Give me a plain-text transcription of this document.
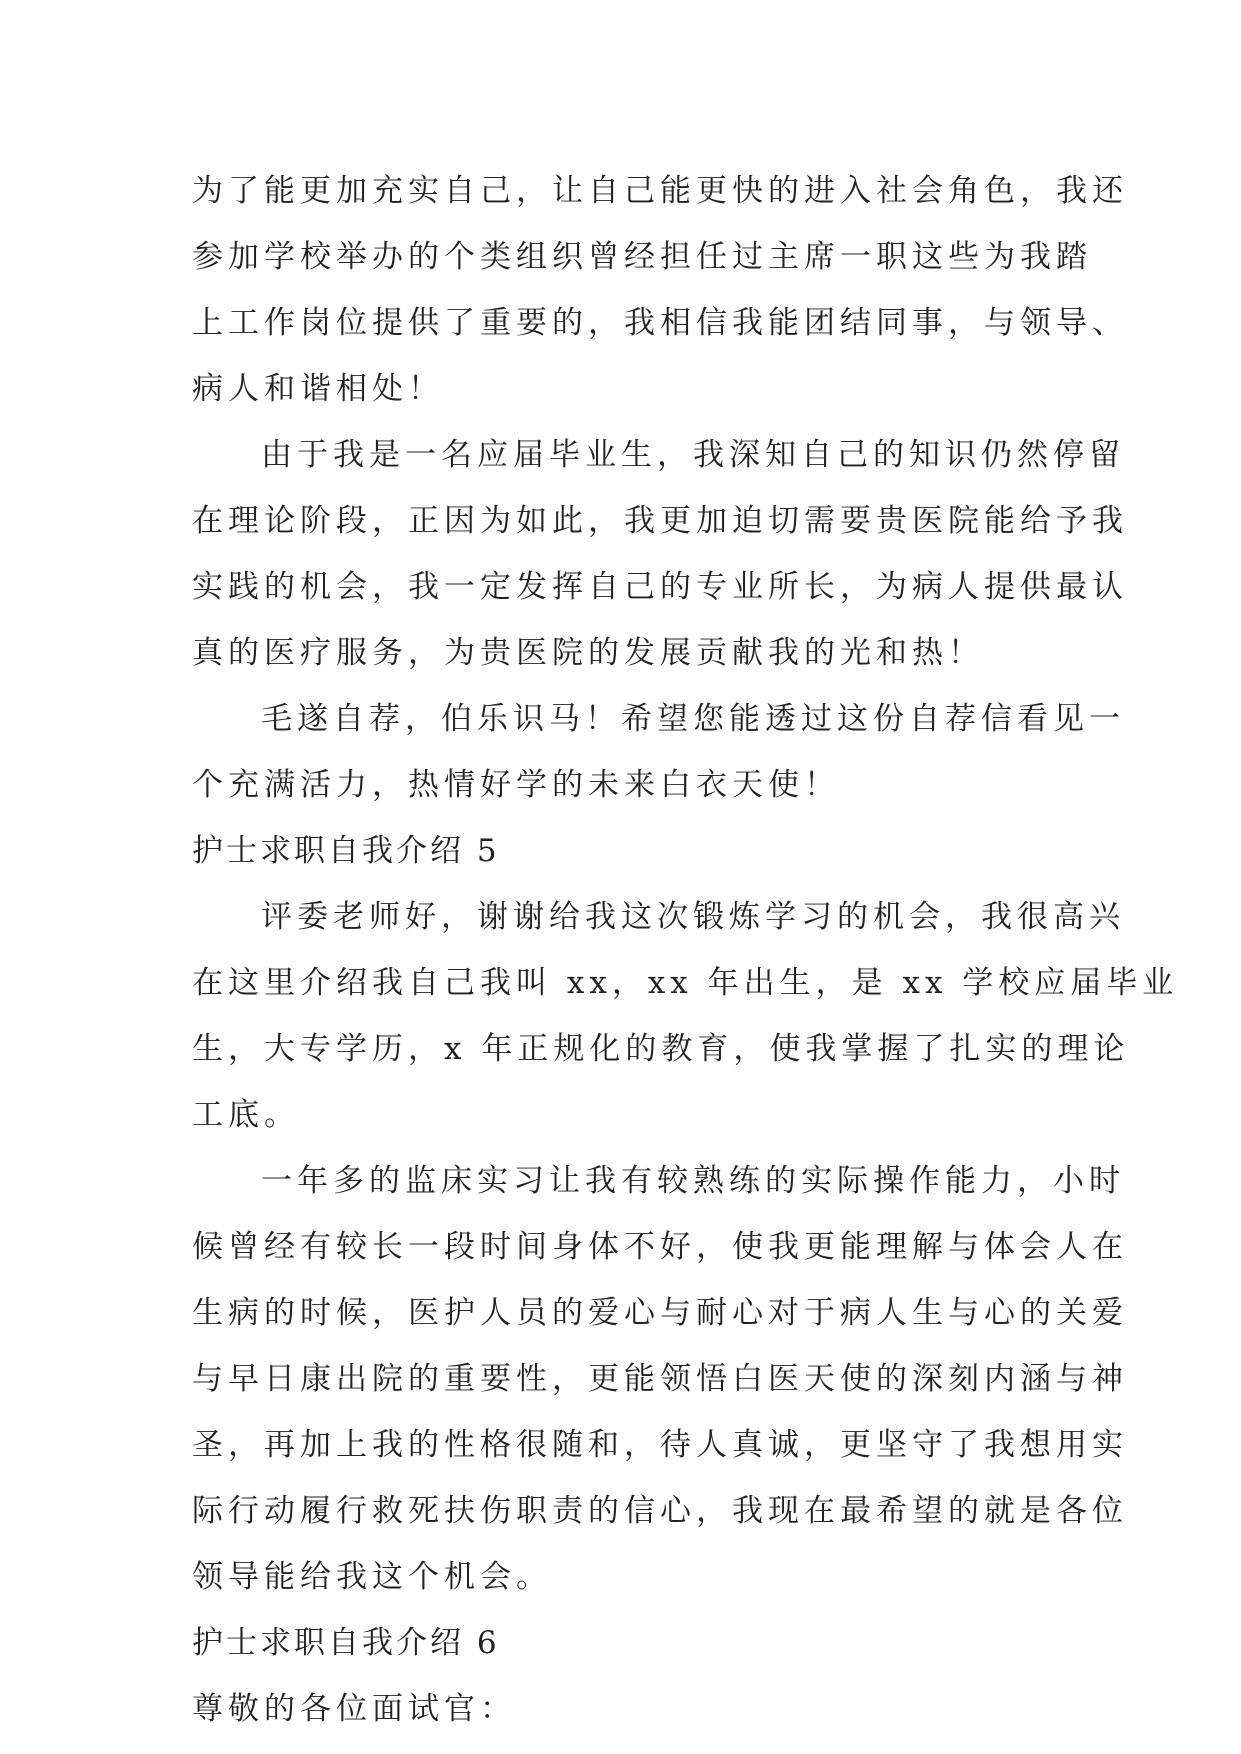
为了能更加充实自己，让自己能更快的进入社会角色，我还
参加学校举办的个类组织曾经担任过主席一职这些为我踏
上工作岗位提供了重要的，我相信我能团结同事，与领导、
病人和谐相处！
由于我是一名应届毕业生，我深知自己的知识仍然停留
在理论阶段，正因为如此，我更加迫切需要贵医院能给予我
实践的机会，我一定发挥自己的专业所长，为病人提供最认
真的医疗服务，为贵医院的发展贡献我的光和热！
毛遂自荐，伯乐识马！希望您能透过这份自荐信看见一
个充满活力，热情好学的未来白衣天使！
护士求职自我介绍 5
评委老师好，谢谢给我这次锻炼学习的机会，我很高兴
在这里介绍我自己我叫 xx，xx 年出生，是 xx 学校应届毕业
生，大专学历，x 年正规化的教育，使我掌握了扎实的理论
工底。
一年多的监床实习让我有较熟练的实际操作能力，小时
候曾经有较长一段时间身体不好，使我更能理解与体会人在
生病的时候，医护人员的爱心与耐心对于病人生与心的关爱
与早日康出院的重要性，更能领悟白医天使的深刻内涵与神
圣，再加上我的性格很随和，待人真诚，更坚守了我想用实
际行动履行救死扶伤职责的信心，我现在最希望的就是各位
领导能给我这个机会。
护士求职自我介绍 6
尊敬的各位面试官：
